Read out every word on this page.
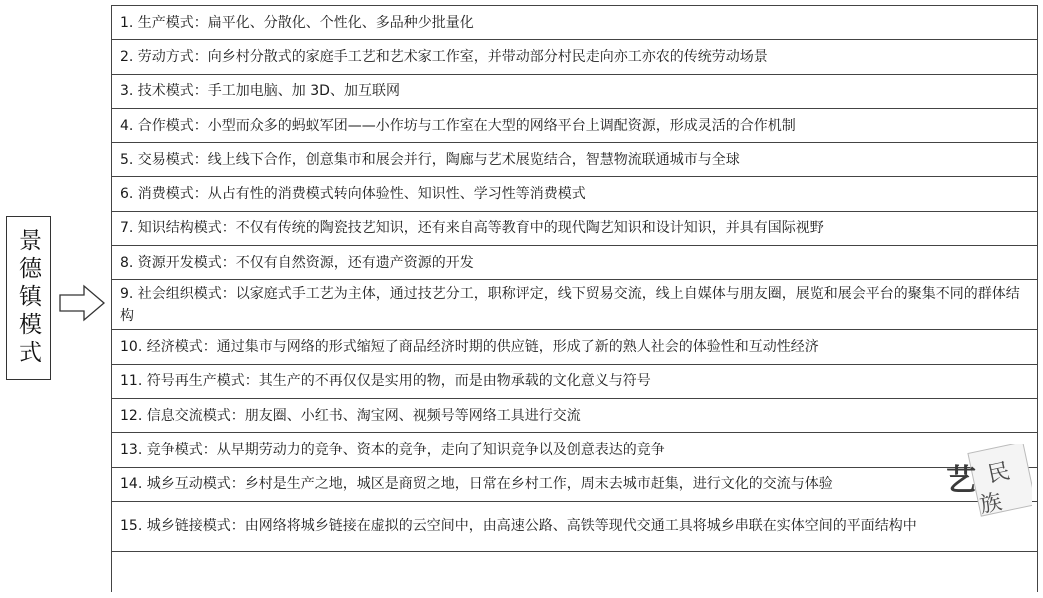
景德镇模式
1. 生产模式：扁平化、分散化、个性化、多品种少批量化
2. 劳动方式：向乡村分散式的家庭手工艺和艺术家工作室，并带动部分村民走向亦工亦农的传统劳动场景
3. 技术模式：手工加电脑、加 3D、加互联网
4. 合作模式：小型而众多的蚂蚁军团——小作坊与工作室在大型的网络平台上调配资源，形成灵活的合作机制
5. 交易模式：线上线下合作，创意集市和展会并行，陶廊与艺术展览结合，智慧物流联通城市与全球
6. 消费模式：从占有性的消费模式转向体验性、知识性、学习性等消费模式
7. 知识结构模式：不仅有传统的陶瓷技艺知识，还有来自高等教育中的现代陶艺知识和设计知识，并具有国际视野
8. 资源开发模式：不仅有自然资源，还有遗产资源的开发
9. 社会组织模式：以家庭式手工艺为主体，通过技艺分工，职称评定，线下贸易交流，线上自媒体与朋友圈，展览和展会平台的聚集不同的群体结构
10. 经济模式：通过集市与网络的形式缩短了商品经济时期的供应链，形成了新的熟人社会的体验性和互动性经济
11. 符号再生产模式：其生产的不再仅仅是实用的物，而是由物承载的文化意义与符号
12. 信息交流模式：朋友圈、小红书、淘宝网、视频号等网络工具进行交流
13. 竞争模式：从早期劳动力的竞争、资本的竞争，走向了知识竞争以及创意表达的竞争
14. 城乡互动模式：乡村是生产之地，城区是商贸之地，日常在乡村工作，周末去城市赶集，进行文化的交流与体验
15. 城乡链接模式：由网络将城乡链接在虚拟的云空间中，由高速公路、高铁等现代交通工具将城乡串联在实体空间的平面结构中
艺 民
族
